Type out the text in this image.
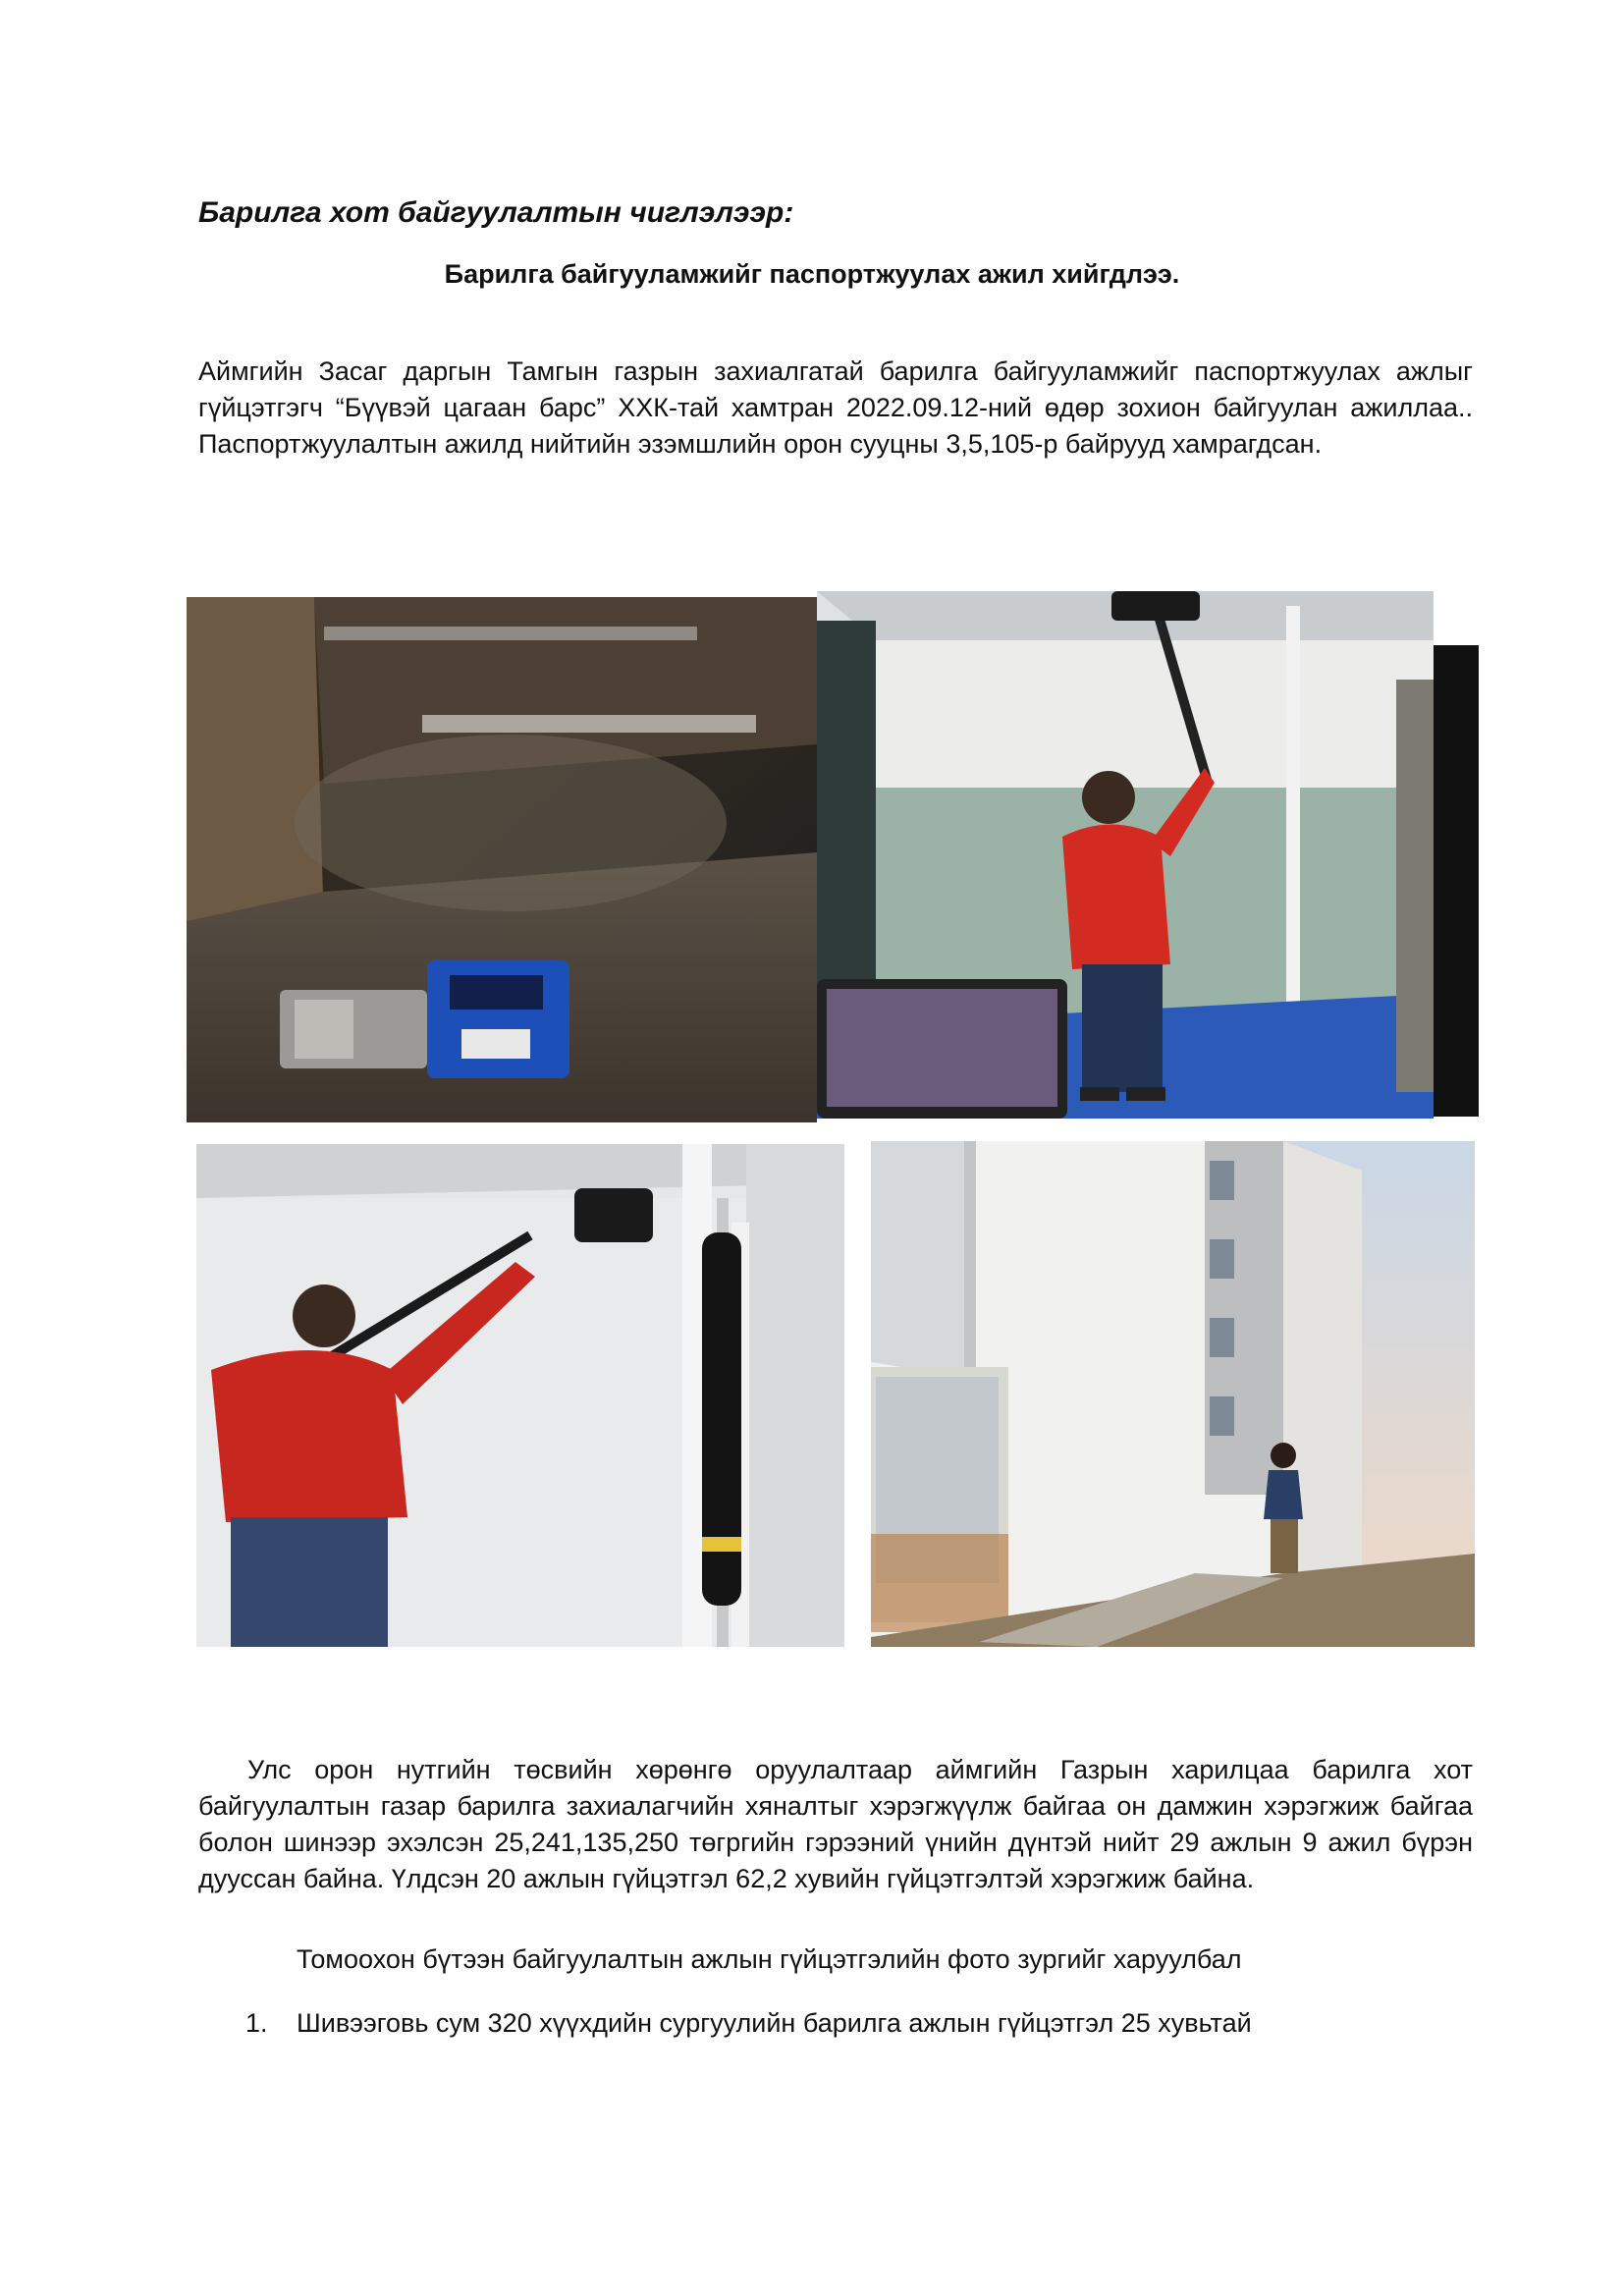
Барилга хот байгуулалтын чиглэлээр:

Барилга байгууламжийг паспортжуулах ажил хийгдлээ.

Аймгийн Засаг даргын Тамгын газрын захиалгатай барилга байгууламжийг паспортжуулах ажлыг гүйцэтгэгч “Бүүвэй цагаан барс” ХХК-тай хамтран 2022.09.12-ний өдөр зохион байгуулан ажиллаа.. Паспортжуулалтын ажилд нийтийн эзэмшлийн орон сууцны 3,5,105-р байрууд хамрагдсан.

Улс орон нутгийн төсвийн хөрөнгө оруулалтаар аймгийн Газрын харилцаа барилга хот байгуулалтын газар барилга захиалагчийн хяналтыг хэрэгжүүлж байгаа он дамжин хэрэгжиж байгаа болон шинээр эхэлсэн 25,241,135,250 төгргийн гэрээний үнийн дүнтэй нийт 29 ажлын 9 ажил бүрэн дууссан байна. Үлдсэн 20 ажлын гүйцэтгэл 62,2 хувийн гүйцэтгэлтэй хэрэгжиж байна.

Томоохон бүтээн байгуулалтын ажлын гүйцэтгэлийн фото зургийг харуулбал

1. Шивээговь сум 320 хүүхдийн сургуулийн барилга ажлын гүйцэтгэл 25 хувьтай
